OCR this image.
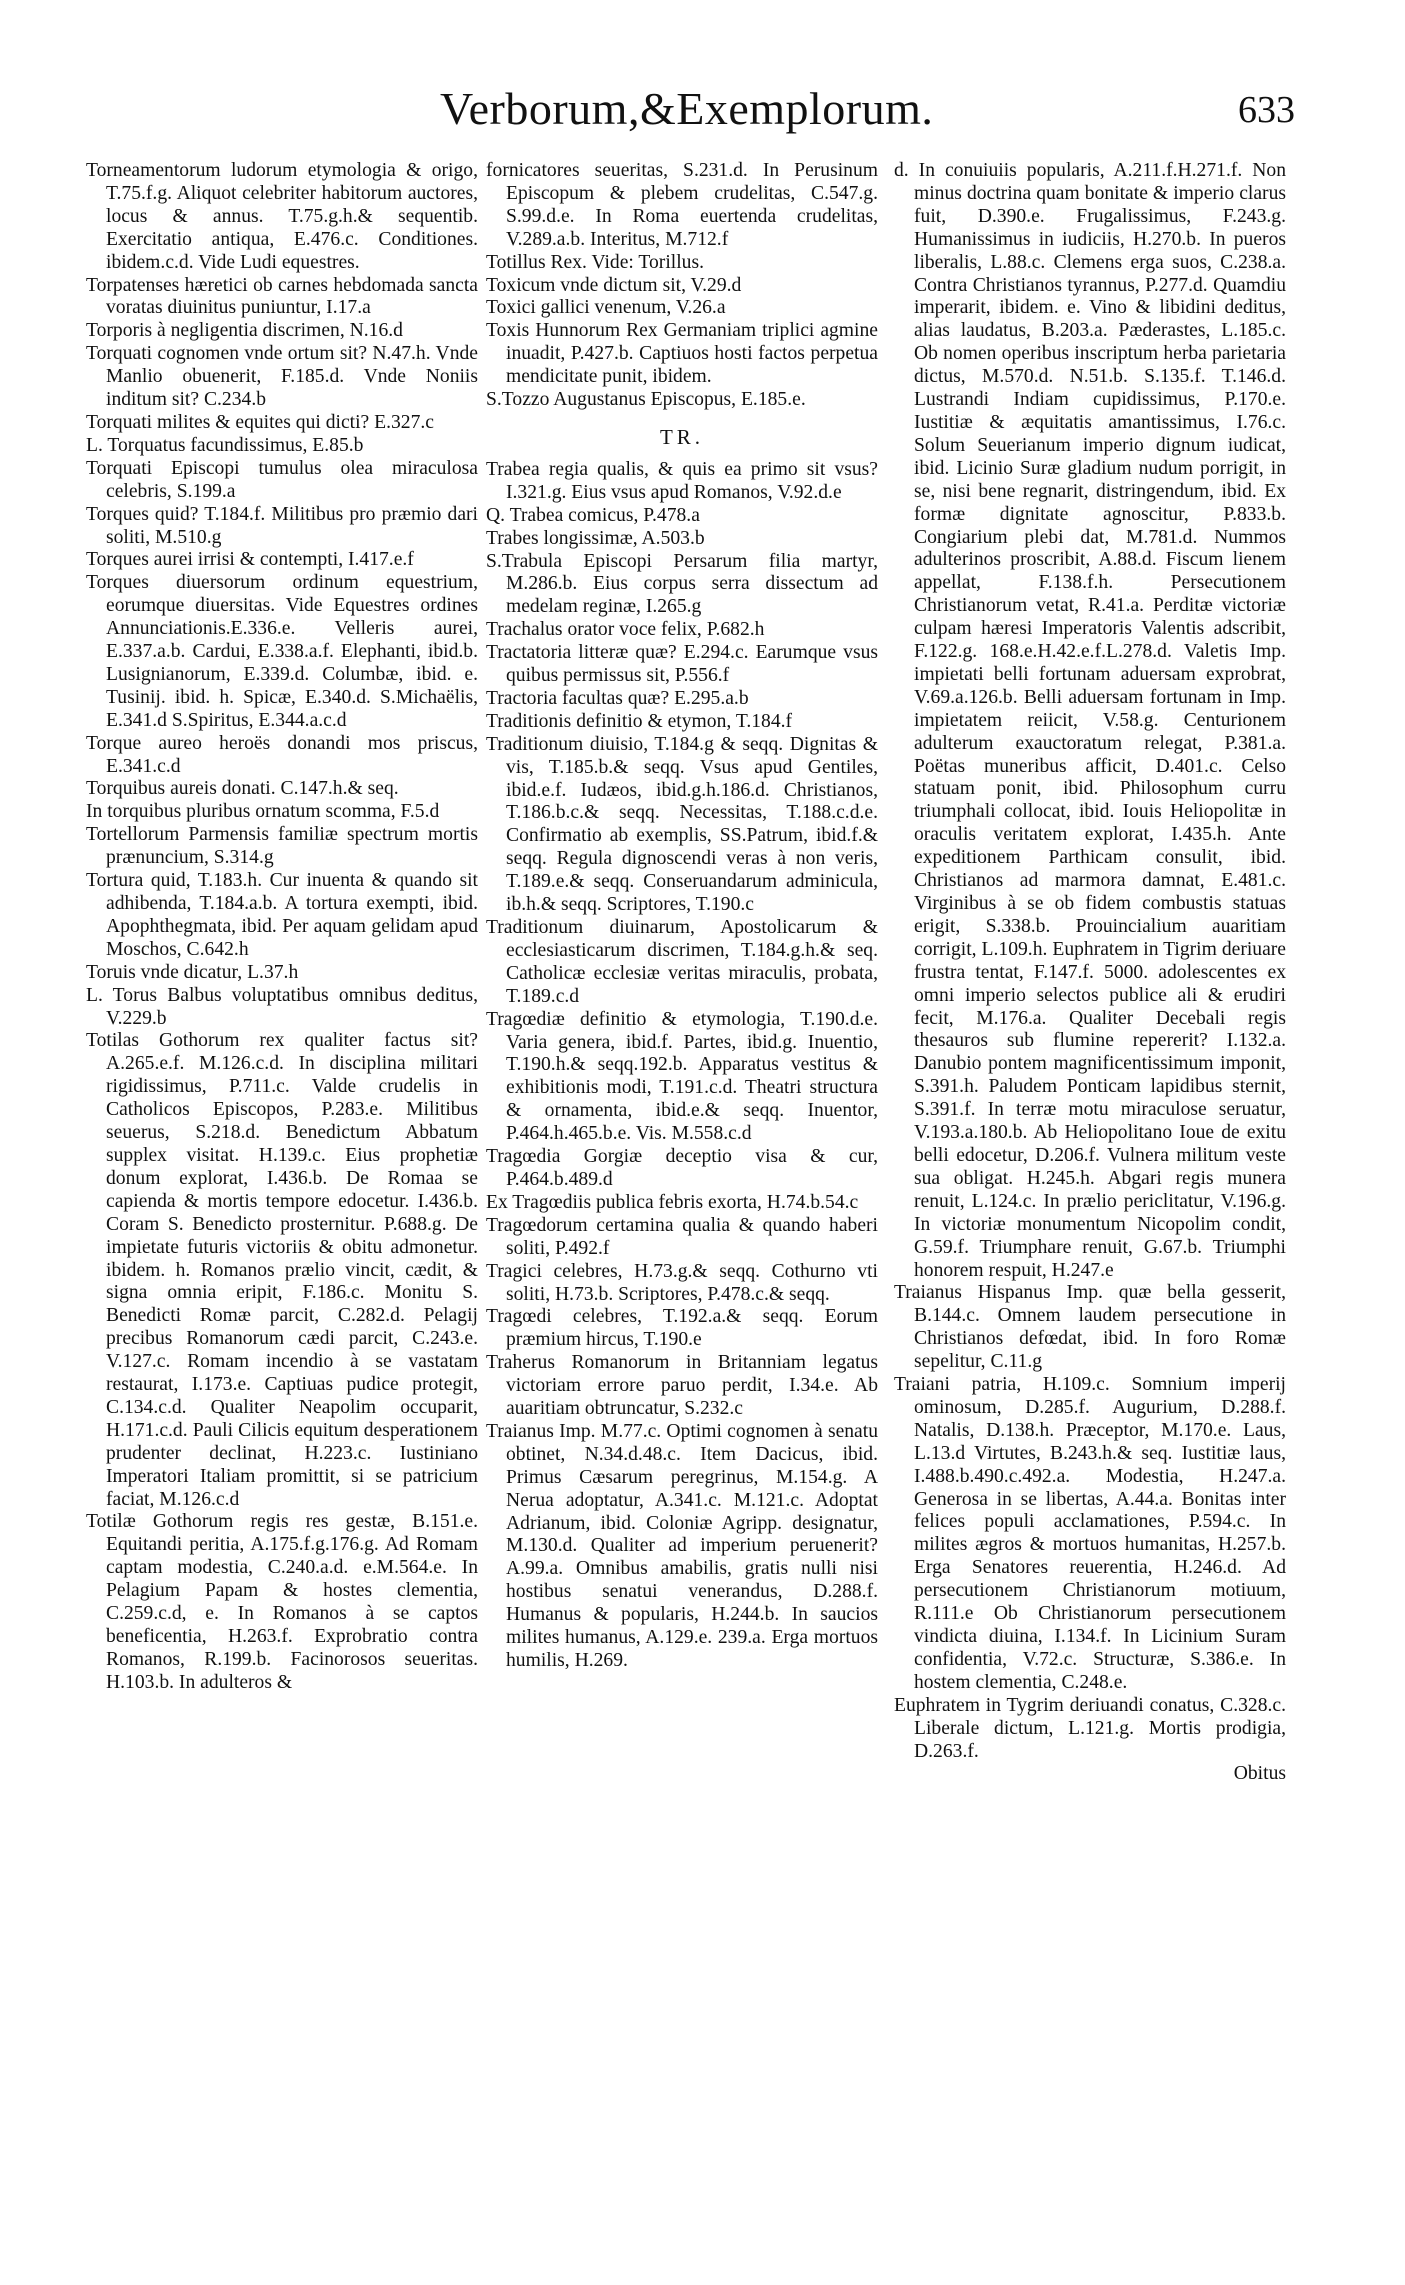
Verborum,&Exemplorum.	633

Torneamentorum ludorum etymologia & origo, T.75.f.g. Aliquot celebriter habitorum auctores, locus & annus. T.75.g.h.& sequentib. Exercitatio antiqua, E.476.c. Conditiones. ibidem.c.d. Vide Ludi equestres.

Torpatenses hæretici ob carnes hebdomada sancta voratas diuinitus puniuntur, I.17.a

Torporis à negligentia discrimen, N.16.d

Torquati cognomen vnde ortum sit? N.47.h. Vnde Manlio obuenerit, F.185.d. Vnde Noniis inditum sit? C.234.b

Torquati milites & equites qui dicti? E.327.c

L. Torquatus facundissimus, E.85.b

Torquati Episcopi tumulus olea miraculosa celebris, S.199.a

Torques quid? T.184.f. Militibus pro præmio dari soliti, M.510.g

Torques aurei irrisi & contempti, I.417.e.f

Torques diuersorum ordinum equestrium, eorumque diuersitas. Vide Equestres ordines Annunciationis.E.336.e. Velleris aurei, E.337.a.b. Cardui, E.338.a.f. Elephanti, ibid.b. Lusignianorum, E.339.d. Columbæ, ibid. e. Tusinij. ibid. h. Spicæ, E.340.d. S.Michaëlis, E.341.d S.Spiritus, E.344.a.c.d

Torque aureo heroës donandi mos priscus, E.341.c.d

Torquibus aureis donati. C.147.h.& seq.

In torquibus pluribus ornatum scomma, F.5.d

Tortellorum Parmensis familiæ spectrum mortis prænuncium, S.314.g

Tortura quid, T.183.h. Cur inuenta & quando sit adhibenda, T.184.a.b. A tortura exempti, ibid. Apophthegmata, ibid. Per aquam gelidam apud Moschos, C.642.h

Toruis vnde dicatur, L.37.h

L. Torus Balbus voluptatibus omnibus deditus, V.229.b

Totilas Gothorum rex qualiter factus sit? A.265.e.f. M.126.c.d. In disciplina militari rigidissimus, P.711.c. Valde crudelis in Catholicos Episcopos, P.283.e. Militibus seuerus, S.218.d. Benedictum Abbatum supplex visitat. H.139.c. Eius prophetiæ donum explorat, I.436.b. De Romaa se capienda & mortis tempore edocetur. I.436.b. Coram S. Benedicto prosternitur. P.688.g. De impietate futuris victoriis & obitu admonetur. ibidem. h. Romanos prælio vincit, cædit, & signa omnia eripit, F.186.c. Monitu S. Benedicti Romæ parcit, C.282.d. Pelagij precibus Romanorum cædi parcit, C.243.e. V.127.c. Romam incendio à se vastatam restaurat, I.173.e. Captiuas pudice protegit, C.134.c.d. Qualiter Neapolim occuparit, H.171.c.d. Pauli Cilicis equitum desperationem prudenter declinat, H.223.c. Iustiniano Imperatori Italiam promittit, si se patricium faciat, M.126.c.d

Totilæ Gothorum regis res gestæ, B.151.e. Equitandi peritia, A.175.f.g.176.g. Ad Romam captam modestia, C.240.a.d. e.M.564.e. In Pelagium Papam & hostes clementia, C.259.c.d, e. In Romanos à se captos beneficentia, H.263.f. Exprobratio contra Romanos, R.199.b. Facinorosos seueritas. H.103.b. In adulteros &

fornicatores seueritas, S.231.d. In Perusinum Episcopum & plebem crudelitas, C.547.g. S.99.d.e. In Roma euertenda crudelitas, V.289.a.b. Interitus, M.712.f

Totillus Rex. Vide: Torillus.

Toxicum vnde dictum sit, V.29.d

Toxici gallici venenum, V.26.a

Toxis Hunnorum Rex Germaniam triplici agmine inuadit, P.427.b. Captiuos hosti factos perpetua mendicitate punit, ibidem.

S.Tozzo Augustanus Episcopus, E.185.e.

TR.

Trabea regia qualis, & quis ea primo sit vsus? I.321.g. Eius vsus apud Romanos, V.92.d.e

Q. Trabea comicus, P.478.a

Trabes longissimæ, A.503.b

S.Trabula Episcopi Persarum filia martyr, M.286.b. Eius corpus serra dissectum ad medelam reginæ, I.265.g

Trachalus orator voce felix, P.682.h

Tractatoria litteræ quæ? E.294.c. Earumque vsus quibus permissus sit, P.556.f

Tractoria facultas quæ? E.295.a.b

Traditionis definitio & etymon, T.184.f

Traditionum diuisio, T.184.g & seqq. Dignitas & vis, T.185.b.& seqq. Vsus apud Gentiles, ibid.e.f. Iudæos, ibid.g.h.186.d. Christianos, T.186.b.c.& seqq. Necessitas, T.188.c.d.e. Confirmatio ab exemplis, SS.Patrum, ibid.f.& seqq. Regula dignoscendi veras à non veris, T.189.e.& seqq. Conseruandarum adminicula, ib.h.& seqq. Scriptores, T.190.c

Traditionum diuinarum, Apostolicarum & ecclesiasticarum discrimen, T.184.g.h.& seq. Catholicæ ecclesiæ veritas miraculis, probata, T.189.c.d

Tragœdiæ definitio & etymologia, T.190.d.e. Varia genera, ibid.f. Partes, ibid.g. Inuentio, T.190.h.& seqq.192.b. Apparatus vestitus & exhibitionis modi, T.191.c.d. Theatri structura & ornamenta, ibid.e.& seqq. Inuentor, P.464.h.465.b.e. Vis. M.558.c.d

Tragœdia Gorgiæ deceptio visa & cur, P.464.b.489.d

Ex Tragœdiis publica febris exorta, H.74.b.54.c

Tragœdorum certamina qualia & quando haberi soliti, P.492.f

Tragici celebres, H.73.g.& seqq. Cothurno vti soliti, H.73.b. Scriptores, P.478.c.& seqq.

Tragœdi celebres, T.192.a.& seqq. Eorum præmium hircus, T.190.e

Traherus Romanorum in Britanniam legatus victoriam errore paruo perdit, I.34.e. Ab auaritiam obtruncatur, S.232.c

Traianus Imp. M.77.c. Optimi cognomen à senatu obtinet, N.34.d.48.c. Item Dacicus, ibid. Primus Cæsarum peregrinus, M.154.g. A Nerua adoptatur, A.341.c. M.121.c. Adoptat Adrianum, ibid. Coloniæ Agripp. designatur, M.130.d. Qualiter ad imperium peruenerit? A.99.a. Omnibus amabilis, gratis nulli nisi hostibus senatui venerandus, D.288.f. Humanus & popularis, H.244.b. In saucios milites humanus, A.129.e. 239.a. Erga mortuos humilis, H.269.

d. In conuiuiis popularis, A.211.f.H.271.f. Non minus doctrina quam bonitate & imperio clarus fuit, D.390.e. Frugalissimus, F.243.g. Humanissimus in iudiciis, H.270.b. In pueros liberalis, L.88.c. Clemens erga suos, C.238.a. Contra Christianos tyrannus, P.277.d. Quamdiu imperarit, ibidem. e. Vino & libidini deditus, alias laudatus, B.203.a. Pæderastes, L.185.c. Ob nomen operibus inscriptum herba parietaria dictus, M.570.d. N.51.b. S.135.f. T.146.d. Lustrandi Indiam cupidissimus, P.170.e. Iustitiæ & æquitatis amantissimus, I.76.c. Solum Seuerianum imperio dignum iudicat, ibid. Licinio Suræ gladium nudum porrigit, in se, nisi bene regnarit, distringendum, ibid. Ex formæ dignitate agnoscitur, P.833.b. Congiarium plebi dat, M.781.d. Nummos adulterinos proscribit, A.88.d. Fiscum lienem appellat, F.138.f.h. Persecutionem Christianorum vetat, R.41.a. Perditæ victoriæ culpam hæresi Imperatoris Valentis adscribit, F.122.g. 168.e.H.42.e.f.L.278.d. Valetis Imp. impietati belli fortunam aduersam exprobrat, V.69.a.126.b. Belli aduersam fortunam in Imp. impietatem reiicit, V.58.g. Centurionem adulterum exauctoratum relegat, P.381.a. Poëtas muneribus afficit, D.401.c. Celso statuam ponit, ibid. Philosophum curru triumphali collocat, ibid. Iouis Heliopolitæ in oraculis veritatem explorat, I.435.h. Ante expeditionem Parthicam consulit, ibid. Christianos ad marmora damnat, E.481.c. Virginibus à se ob fidem combustis statuas erigit, S.338.b. Prouincialium auaritiam corrigit, L.109.h. Euphratem in Tigrim deriuare frustra tentat, F.147.f. 5000. adolescentes ex omni imperio selectos publice ali & erudiri fecit, M.176.a. Qualiter Decebali regis thesauros sub flumine repererit? I.132.a. Danubio pontem magnificentissimum imponit, S.391.h. Paludem Ponticam lapidibus sternit, S.391.f. In terræ motu miraculose seruatur, V.193.a.180.b. Ab Heliopolitano Ioue de exitu belli edocetur, D.206.f. Vulnera militum veste sua obligat. H.245.h. Abgari regis munera renuit, L.124.c. In prælio periclitatur, V.196.g. In victoriæ monumentum Nicopolim condit, G.59.f. Triumphare renuit, G.67.b. Triumphi honorem respuit, H.247.e

Traianus Hispanus Imp. quæ bella gesserit, B.144.c. Omnem laudem persecutione in Christianos defœdat, ibid. In foro Romæ sepelitur, C.11.g

Traiani patria, H.109.c. Somnium imperij ominosum, D.285.f. Augurium, D.288.f. Natalis, D.138.h. Præceptor, M.170.e. Laus, L.13.d Virtutes, B.243.h.& seq. Iustitiæ laus, I.488.b.490.c.492.a. Modestia, H.247.a. Generosa in se libertas, A.44.a. Bonitas inter felices populi acclamationes, P.594.c. In milites ægros & mortuos humanitas, H.257.b. Erga Senatores reuerentia, H.246.d. Ad persecutionem Christianorum motiuum, R.111.e Ob Christianorum persecutionem vindicta diuina, I.134.f. In Licinium Suram confidentia, V.72.c. Structuræ, S.386.e. In hostem clementia, C.248.e.

Euphratem in Tygrim deriuandi conatus, C.328.c. Liberale dictum, L.121.g. Mortis prodigia, D.263.f.

Obitus
